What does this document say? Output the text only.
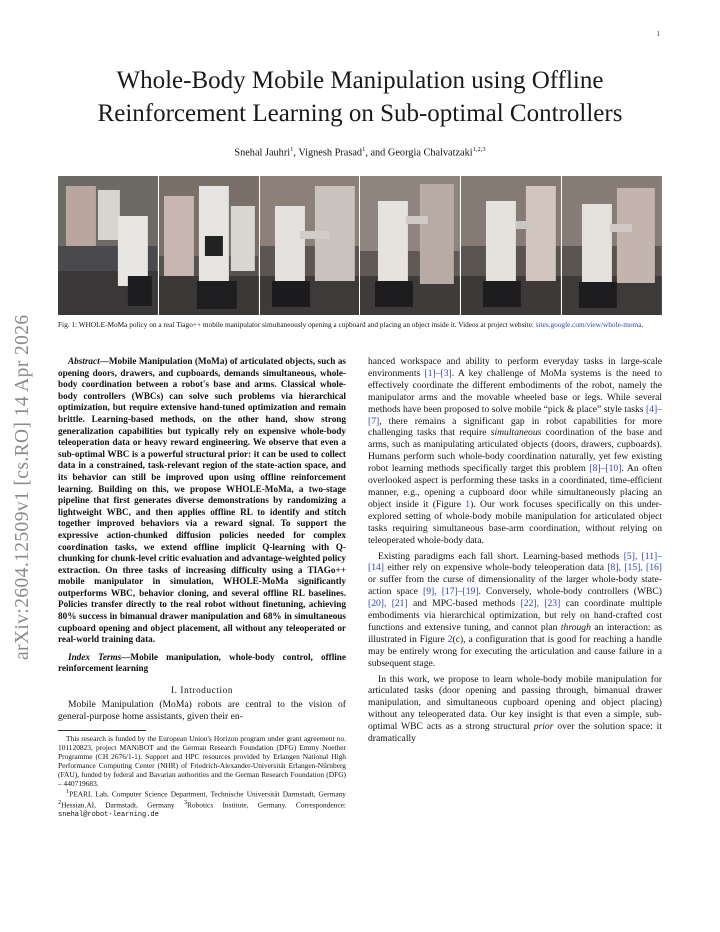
1
arXiv:2604.12509v1 [cs.RO] 14 Apr 2026
Whole-Body Mobile Manipulation using Offline
Reinforcement Learning on Sub-optimal Controllers
Snehal Jauhri$^1$, Vignesh Prasad$^1$, and Georgia Chalvatzaki$^{1,2,3}$
Fig. 1: WHOLE-MoMa policy on a real Tiago++ mobile manipulator simultaneously opening a cupboard and placing an object inside it. Videos at project website: sites.google.com/view/whole-moma.

Abstract—Mobile Manipulation (MoMa) of articulated objects, such as opening doors, drawers, and cupboards, demands simultaneous, whole-body coordination between a robot's base and arms. Classical whole-body controllers (WBCs) can solve such problems via hierarchical optimization, but require extensive hand-tuned optimization and remain brittle. Learning-based methods, on the other hand, show strong generalization capabilities but typically rely on expensive whole-body teleoperation data or heavy reward engineering. We observe that even a sub-optimal WBC is a powerful structural prior: it can be used to collect data in a constrained, task-relevant region of the state-action space, and its behavior can still be improved upon using offline reinforcement learning. Building on this, we propose WHOLE-MoMa, a two-stage pipeline that first generates diverse demonstrations by randomizing a lightweight WBC, and then applies offline RL to identify and stitch together improved behaviors via a reward signal. To support the expressive action-chunked diffusion policies needed for complex coordination tasks, we extend offline implicit Q-learning with Q-chunking for chunk-level critic evaluation and advantage-weighted policy extraction. On three tasks of increasing difficulty using a TIAGo++ mobile manipulator in simulation, WHOLE-MoMa significantly outperforms WBC, behavior cloning, and several offline RL baselines. Policies transfer directly to the real robot without finetuning, achieving 80% success in bimanual drawer manipulation and 68% in simultaneous cupboard opening and object placement, all without any teleoperated or real-world training data.

Index Terms—Mobile manipulation, whole-body control, offline reinforcement learning

I. Introduction

Mobile Manipulation (MoMa) robots are central to the vision of general-purpose home assistants, given their en-

This research is funded by the European Union's Horizon program under grant agreement no. 101120823, project MANiBOT and the German Research Foundation (DFG) Emmy Noether Programme (CH 2676/1-1). Support and HPC resources provided by Erlangen National High Performance Computing Center (NHR) of Friedrich-Alexander-Universität Erlangen-Nürnberg (FAU), funded by federal and Bavarian authorities and the German Research Foundation (DFG) – 440719683.

$^1$PEARL Lab, Computer Science Department, Technische Universität Darmstadt, Germany $^2$Hessian.AI, Darmstadt, Germany $^3$Robotics Institute, Germany. Correspondence: snehal@robot-learning.de

hanced workspace and ability to perform everyday tasks in large-scale environments [1]–[3]. A key challenge of MoMa systems is the need to effectively coordinate the different embodiments of the robot, namely the manipulator arms and the movable wheeled base or legs. While several methods have been proposed to solve mobile “pick & place” style tasks [4]–[7], there remains a significant gap in robot capabilities for more challenging tasks that require simultaneous coordination of the base and arms, such as manipulating articulated objects (doors, drawers, cupboards). Humans perform such whole-body coordination naturally, yet few existing robot learning methods specifically target this problem [8]–[10]. An often overlooked aspect is performing these tasks in a coordinated, time-efficient manner, e.g., opening a cupboard door while simultaneously placing an object inside it (Figure 1). Our work focuses specifically on this under-explored setting of whole-body mobile manipulation for articulated object tasks requiring simultaneous base-arm coordination, without relying on teleoperated whole-body data.

Existing paradigms each fall short. Learning-based methods [5], [11]–[14] either rely on expensive whole-body teleoperation data [8], [15], [16] or suffer from the curse of dimensionality of the larger whole-body state-action space [9], [17]–[19]. Conversely, whole-body controllers (WBC) [20], [21] and MPC-based methods [22], [23] can coordinate multiple embodiments via hierarchical optimization, but rely on hand-crafted cost functions and extensive tuning, and cannot plan through an interaction: as illustrated in Figure 2(c), a configuration that is good for reaching a handle may be entirely wrong for executing the articulation and cause failure in a subsequent stage.

In this work, we propose to learn whole-body mobile manipulation for articulated tasks (door opening and passing through, bimanual drawer manipulation, and simultaneous cupboard opening and object placing) without any teleoperated data. Our key insight is that even a simple, sub-optimal WBC acts as a strong structural prior over the solution space: it dramatically
